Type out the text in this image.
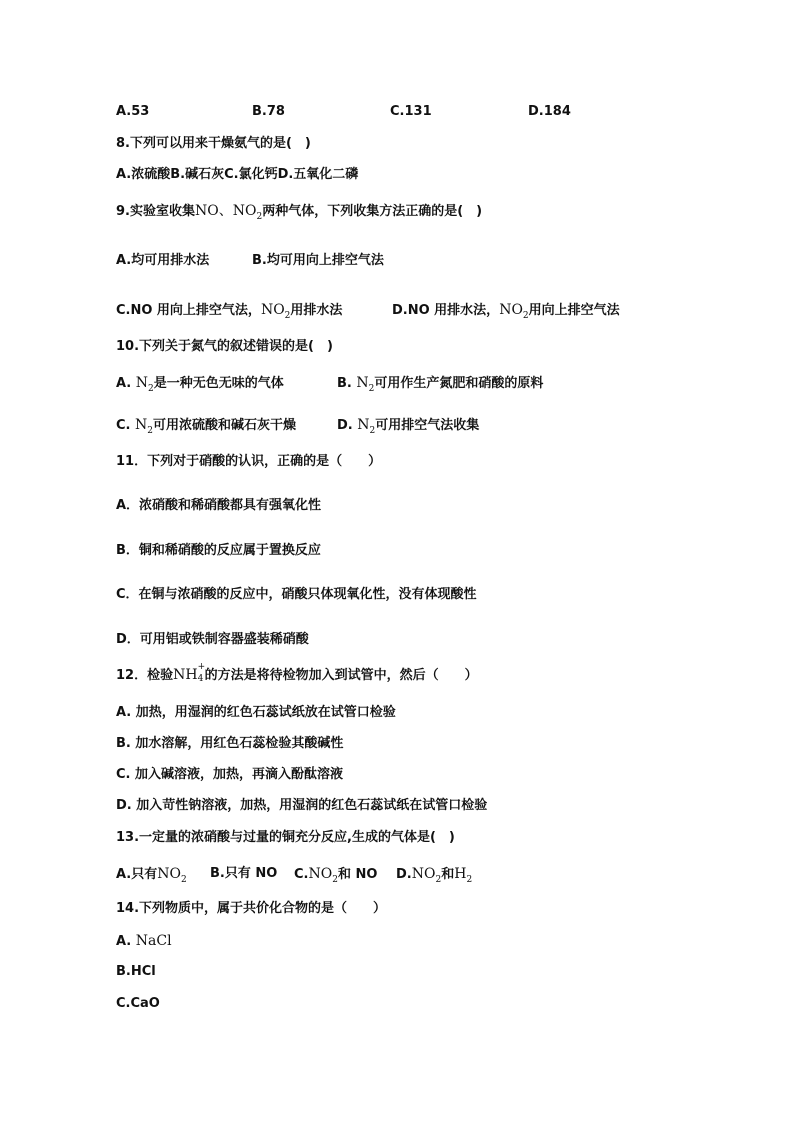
A.53	B.78	C.131	D.184
8.下列可以用来干燥氨气的是(　)
A.浓硫酸B.碱石灰C.氯化钙D.五氧化二磷
9.实验室收集NO、$NO_2$两种气体，下列收集方法正确的是(　)
A.均可用排水法	B.均可用向上排空气法
C.NO 用向上排空气法，$NO_2$用排水法	D.NO 用排水法，$NO_2$用向上排空气法
10.下列关于氮气的叙述错误的是(　)
A. $N_2$是一种无色无味的气体	B. $N_2$可用作生产氮肥和硝酸的原料
C. $N_2$可用浓硫酸和碱石灰干燥	D. $N_2$可用排空气法收集
11．下列对于硝酸的认识，正确的是（　　）
A．浓硝酸和稀硝酸都具有强氧化性
B．铜和稀硝酸的反应属于置换反应
C．在铜与浓硝酸的反应中，硝酸只体现氧化性，没有体现酸性
D．可用铝或铁制容器盛装稀硝酸
12．检验NH +
4 的方法是将待检物加入到试管中，然后（　　）
A. 加热，用湿润的红色石蕊试纸放在试管口检验
B. 加水溶解，用红色石蕊检验其酸碱性
C. 加入碱溶液，加热，再滴入酚酞溶液
D. 加入苛性钠溶液，加热，用湿润的红色石蕊试纸在试管口检验
13.一定量的浓硝酸与过量的铜充分反应,生成的气体是(　)
A.只有$NO_2$ B.只有 NO $C.NO_2$和 NO $D.NO_2$和$H_2$
14.下列物质中，属于共价化合物的是（　　）
A. NaCl
B.HCl
C.CaO
